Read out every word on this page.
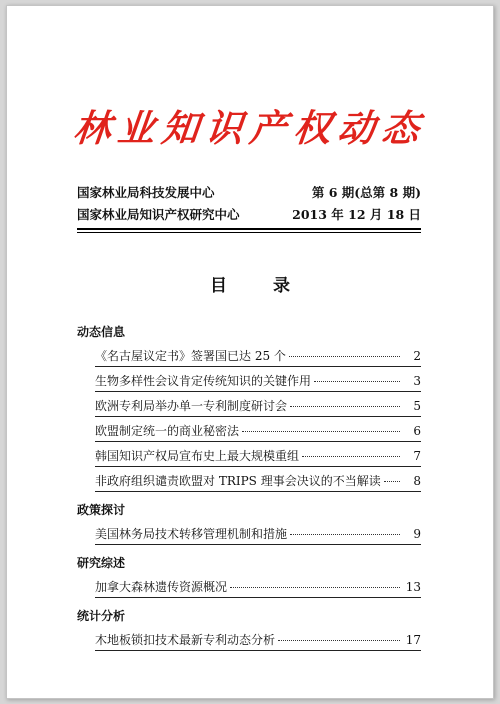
林业知识产权动态
国家林业局科技发展中心	第 6 期(总第 8 期)
国家林业局知识产权研究中心	2013 年 12 月 18 日
目 录
动态信息
《名古屋议定书》签署国已达 25 个	2
生物多样性会议肯定传统知识的关键作用	3
欧洲专利局举办单一专利制度研讨会	5
欧盟制定统一的商业秘密法	6
韩国知识产权局宣布史上最大规模重组	7
非政府组织谴责欧盟对 TRIPS 理事会决议的不当解读	8
政策探讨
美国林务局技术转移管理机制和措施	9
研究综述
加拿大森林遗传资源概况	13
统计分析
木地板锁扣技术最新专利动态分析	17
